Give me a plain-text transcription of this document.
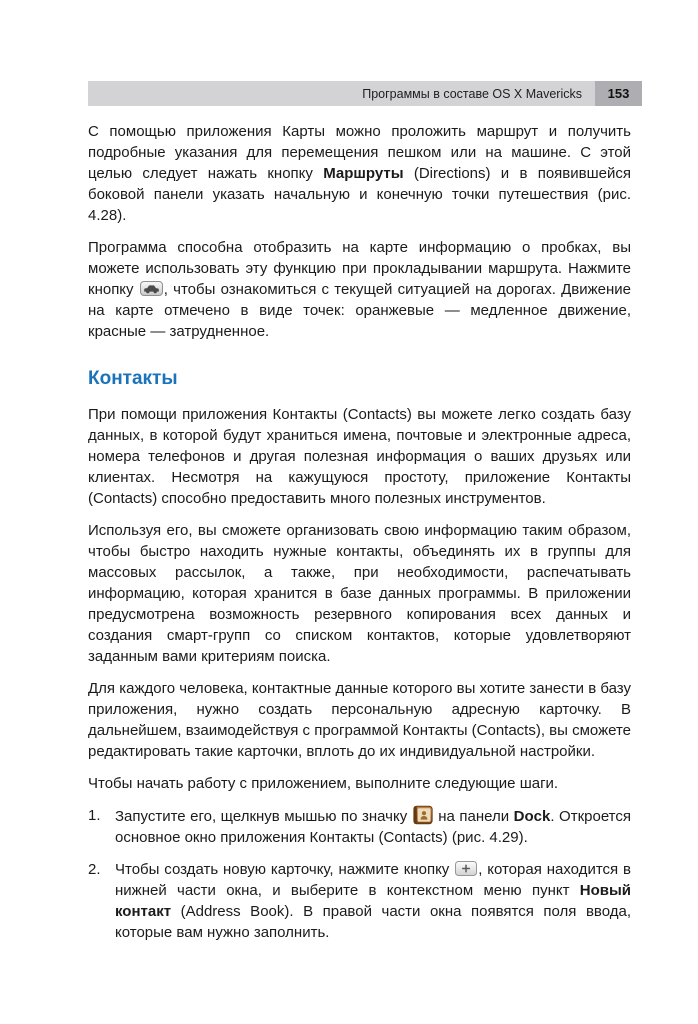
Программы в составе OS X Mavericks	153

С помощью приложения Карты можно проложить маршрут и получить подробные указания для перемещения пешком или на машине. С этой целью следует нажать кнопку Маршруты (Directions) и в появившейся боковой панели указать начальную и конечную точки путешествия (рис. 4.28).

Программа способна отобразить на карте информацию о пробках, вы можете использовать эту функцию при прокладывании маршрута. Нажмите кнопку , чтобы ознакомиться с текущей ситуацией на дорогах. Движение на карте отмечено в виде точек: оранжевые — медленное движение, красные — затрудненное.

Контакты

При помощи приложения Контакты (Contacts) вы можете легко создать базу данных, в которой будут храниться имена, почтовые и электронные адреса, номера телефонов и другая полезная информация о ваших друзьях или клиентах. Несмотря на кажущуюся простоту, приложение Контакты (Contacts) способно предоставить много полезных инструментов.

Используя его, вы сможете организовать свою информацию таким образом, чтобы быстро находить нужные контакты, объединять их в группы для массовых рассылок, а также, при необходимости, распечатывать информацию, которая хранится в базе данных программы. В приложении предусмотрена возможность резервного копирования всех данных и создания смарт-групп со списком контактов, которые удовлетворяют заданным вами критериям поиска.

Для каждого человека, контактные данные которого вы хотите занести в базу приложения, нужно создать персональную адресную карточку. В дальнейшем, взаимодействуя с программой Контакты (Contacts), вы сможете редактировать такие карточки, вплоть до их индивидуальной настройки.

Чтобы начать работу с приложением, выполните следующие шаги.

1. Запустите его, щелкнув мышью по значку  на панели Dock. Откроется основное окно приложения Контакты (Contacts) (рис. 4.29).
2. Чтобы создать новую карточку, нажмите кнопку , которая находится в нижней части окна, и выберите в контекстном меню пункт Новый контакт (Address Book). В правой части окна появятся поля ввода, которые вам нужно заполнить.
